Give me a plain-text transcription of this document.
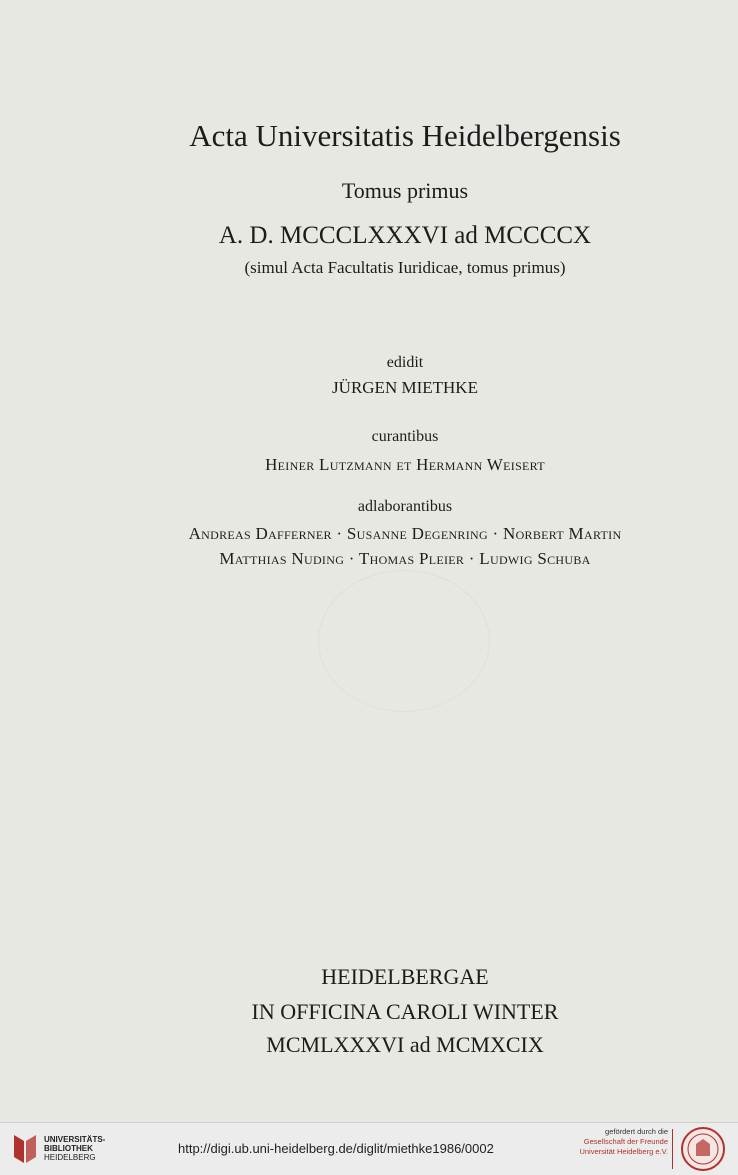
Acta Universitatis Heidelbergensis
Tomus primus
A. D. MCCCLXXXVI ad MCCCCX
(simul Acta Facultatis Iuridicae, tomus primus)
edidit
JÜRGEN MIETHKE
curantibus
Heiner Lutzmann et Hermann Weisert
adlaborantibus
Andreas Dafferner · Susanne Degenring · Norbert Martin
Matthias Nuding · Thomas Pleier · Ludwig Schuba
HEIDELBERGAE
IN OFFICINA CAROLI WINTER
MCMLXXXVI ad MCMXCIX
UNIVERSITÄTS-
BIBLIOTHEK
HEIDELBERG
http://digi.ub.uni-heidelberg.de/diglit/miethke1986/0002
gefördert durch die
Gesellschaft der Freunde
Universität Heidelberg e.V.
